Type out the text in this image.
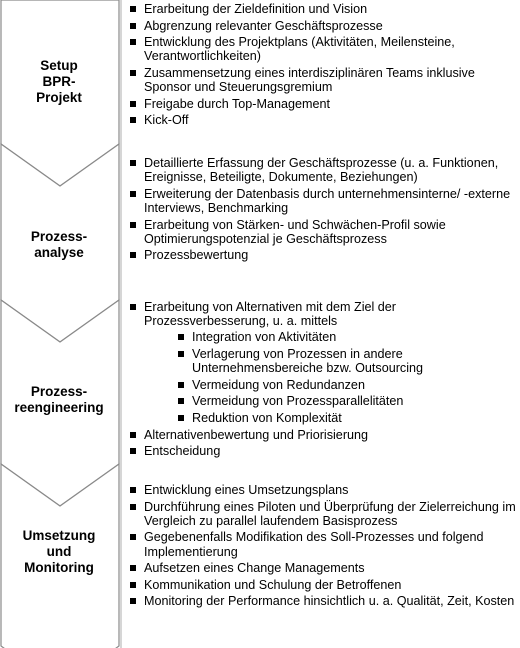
Setup
BPR-
Projekt
Erarbeitung der Zieldefinition und Vision
Abgrenzung relevanter Geschäftsprozesse
Entwicklung des Projektplans (Aktivitäten, Meilensteine, Verantwortlichkeiten)
Zusammensetzung eines interdisziplinären Teams inklusive Sponsor und Steuerungsgremium
Freigabe durch Top-Management
Kick-Off
Prozess-
analyse
Detaillierte Erfassung der Geschäftsprozesse (u. a. Funktionen, Ereignisse, Beteiligte, Dokumente, Beziehungen)
Erweiterung der Datenbasis durch unternehmensinterne/ -externe Interviews, Benchmarking
Erarbeitung von Stärken- und Schwächen-Profil sowie Optimierungspotenzial je Geschäftsprozess
Prozessbewertung
Prozess-
reengineering
Erarbeitung von Alternativen mit dem Ziel der Prozessverbesserung, u. a. mittels
Integration von Aktivitäten
Verlagerung von Prozessen in andere Unternehmensbereiche bzw. Outsourcing
Vermeidung von Redundanzen
Vermeidung von Prozessparallelitäten
Reduktion von Komplexität
Alternativenbewertung und Priorisierung
Entscheidung
Umsetzung
und
Monitoring
Entwicklung eines Umsetzungsplans
Durchführung eines Piloten und Überprüfung der Zielerreichung im Vergleich zu parallel laufendem Basisprozess
Gegebenenfalls Modifikation des Soll-Prozesses und folgend Implementierung
Aufsetzen eines Change Managements
Kommunikation und Schulung der Betroffenen
Monitoring der Performance hinsichtlich u. a. Qualität, Zeit, Kosten
